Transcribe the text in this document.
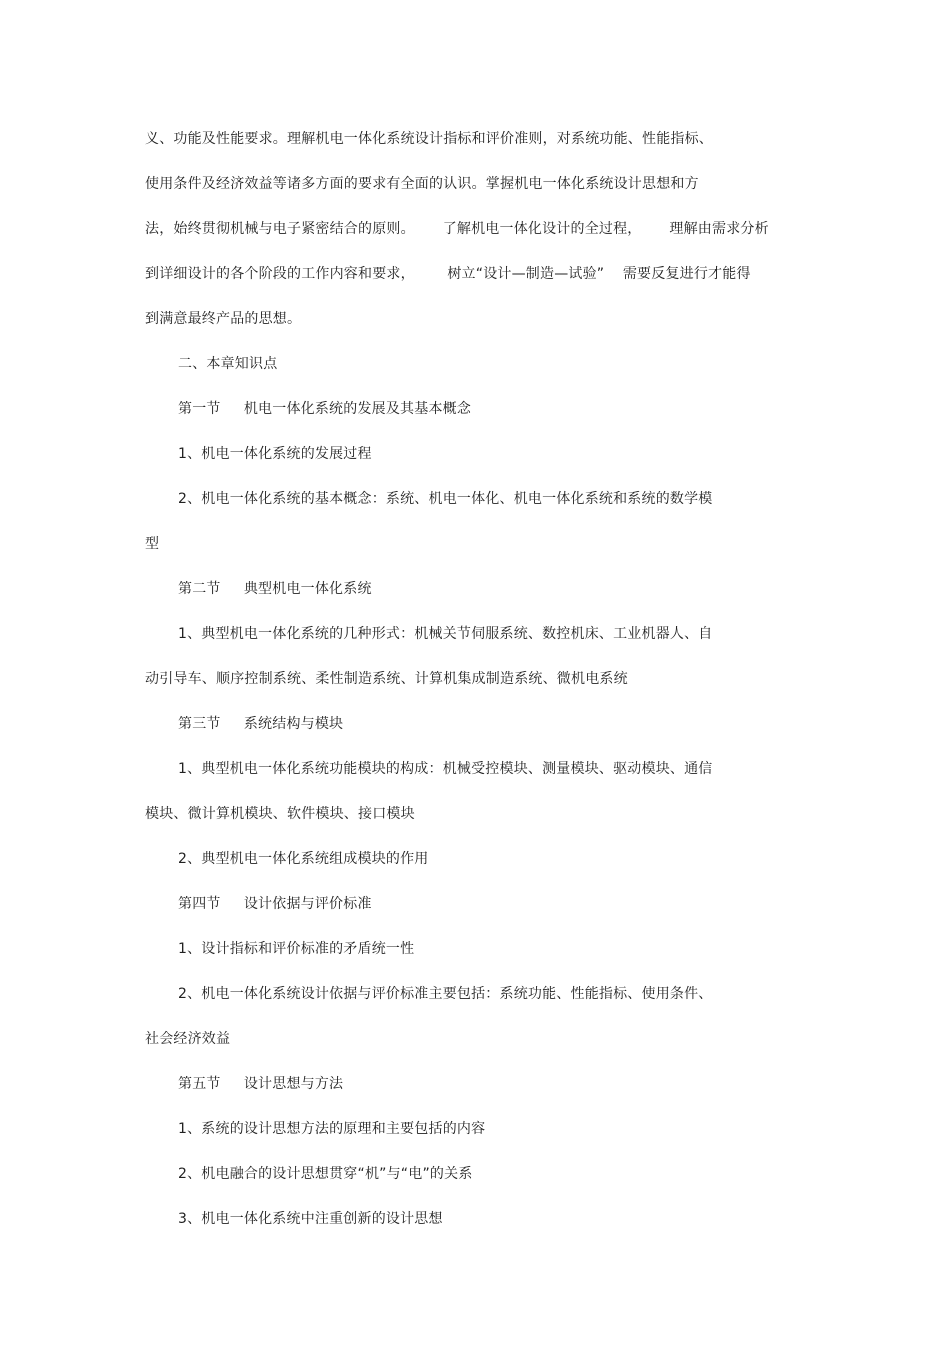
义、功能及性能要求。理解机电一体化系统设计指标和评价准则，对系统功能、性能指标、
使用条件及经济效益等诸多方面的要求有全面的认识。掌握机电一体化系统设计思想和方
法，始终贯彻机械与电子紧密结合的原则。      了解机电一体化设计的全过程，      理解由需求分析
到详细设计的各个阶段的工作内容和要求，       树立“设计—制造—试验”    需要反复进行才能得
到满意最终产品的思想。
二、本章知识点
第一节     机电一体化系统的发展及其基本概念
1、机电一体化系统的发展过程
2、机电一体化系统的基本概念：系统、机电一体化、机电一体化系统和系统的数学模
型
第二节     典型机电一体化系统
1、典型机电一体化系统的几种形式：机械关节伺服系统、数控机床、工业机器人、自
动引导车、顺序控制系统、柔性制造系统、计算机集成制造系统、微机电系统
第三节     系统结构与模块
1、典型机电一体化系统功能模块的构成：机械受控模块、测量模块、驱动模块、通信
模块、微计算机模块、软件模块、接口模块
2、典型机电一体化系统组成模块的作用
第四节     设计依据与评价标准
1、设计指标和评价标准的矛盾统一性
2、机电一体化系统设计依据与评价标准主要包括：系统功能、性能指标、使用条件、
社会经济效益
第五节     设计思想与方法
1、系统的设计思想方法的原理和主要包括的内容
2、机电融合的设计思想贯穿“机”与“电”的关系
3、机电一体化系统中注重创新的设计思想
